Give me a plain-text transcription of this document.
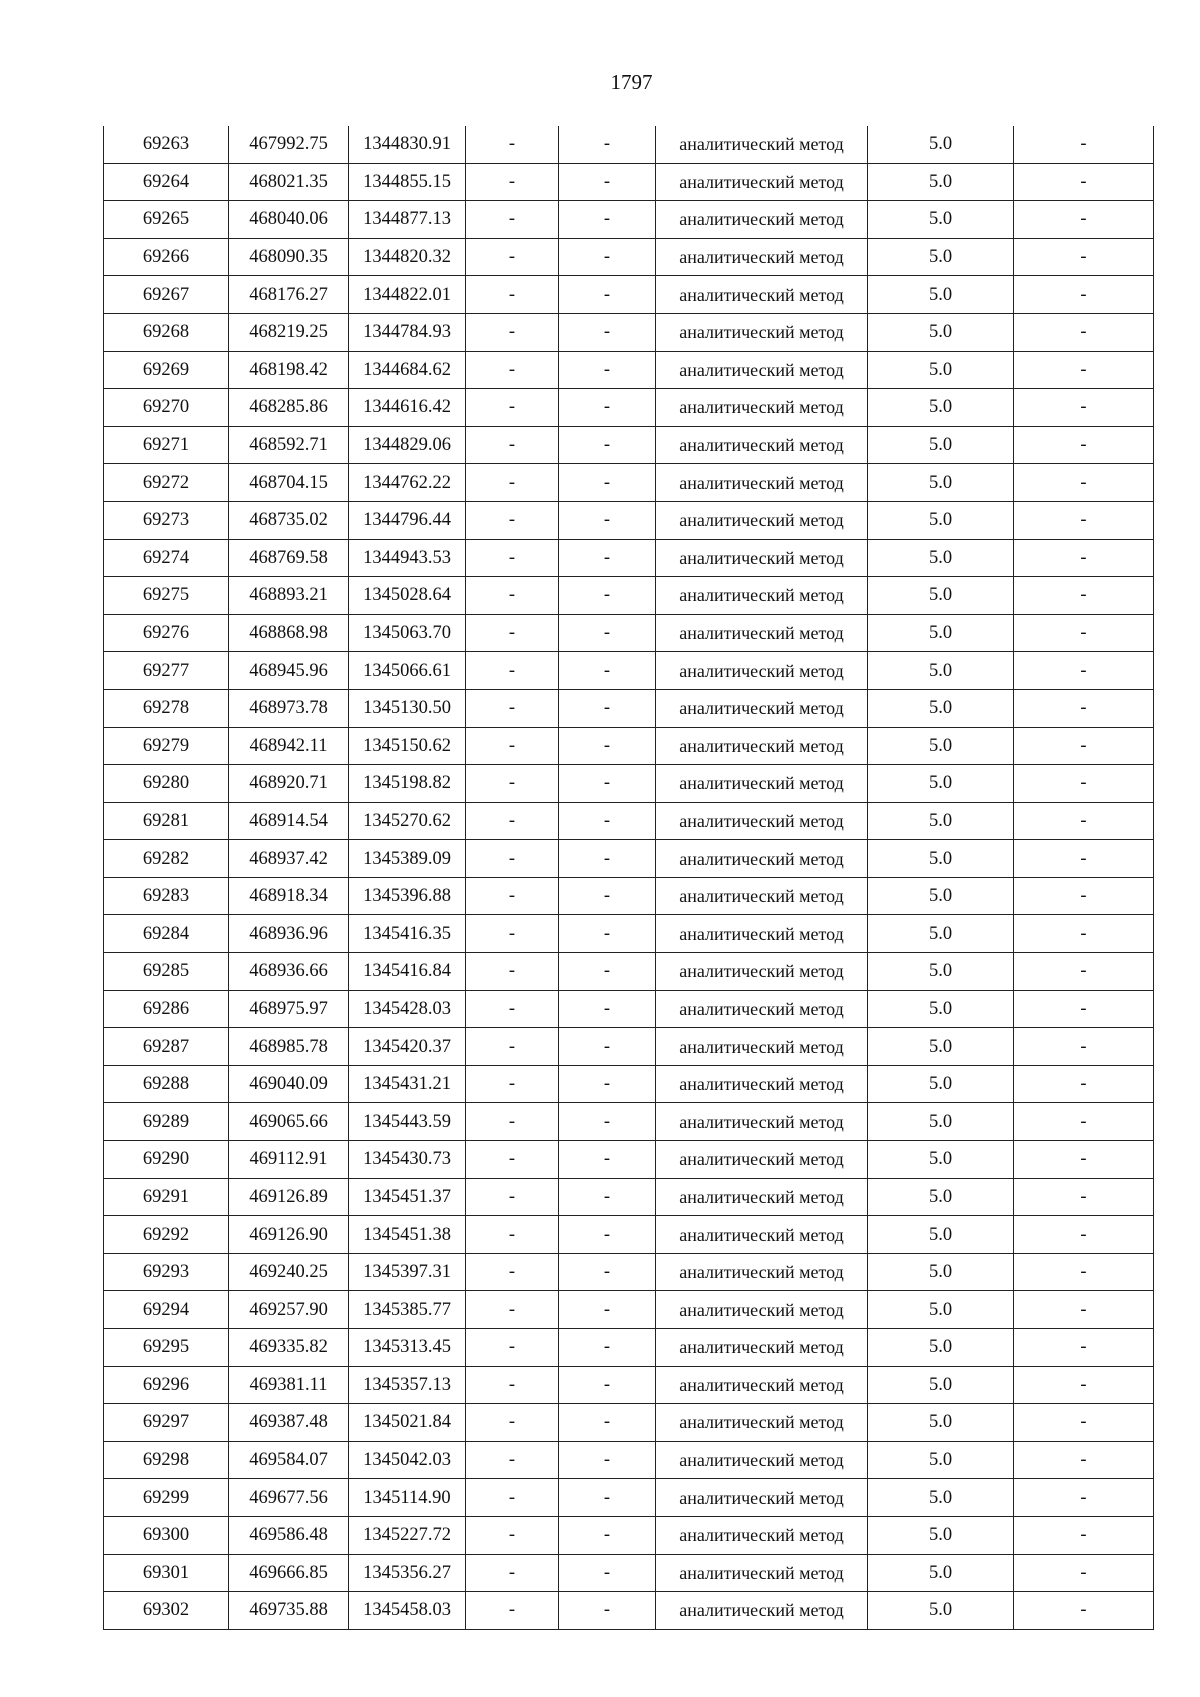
1797
69263	467992.75	1344830.91	-	-	аналитический метод	5.0	-
69264	468021.35	1344855.15	-	-	аналитический метод	5.0	-
69265	468040.06	1344877.13	-	-	аналитический метод	5.0	-
69266	468090.35	1344820.32	-	-	аналитический метод	5.0	-
69267	468176.27	1344822.01	-	-	аналитический метод	5.0	-
69268	468219.25	1344784.93	-	-	аналитический метод	5.0	-
69269	468198.42	1344684.62	-	-	аналитический метод	5.0	-
69270	468285.86	1344616.42	-	-	аналитический метод	5.0	-
69271	468592.71	1344829.06	-	-	аналитический метод	5.0	-
69272	468704.15	1344762.22	-	-	аналитический метод	5.0	-
69273	468735.02	1344796.44	-	-	аналитический метод	5.0	-
69274	468769.58	1344943.53	-	-	аналитический метод	5.0	-
69275	468893.21	1345028.64	-	-	аналитический метод	5.0	-
69276	468868.98	1345063.70	-	-	аналитический метод	5.0	-
69277	468945.96	1345066.61	-	-	аналитический метод	5.0	-
69278	468973.78	1345130.50	-	-	аналитический метод	5.0	-
69279	468942.11	1345150.62	-	-	аналитический метод	5.0	-
69280	468920.71	1345198.82	-	-	аналитический метод	5.0	-
69281	468914.54	1345270.62	-	-	аналитический метод	5.0	-
69282	468937.42	1345389.09	-	-	аналитический метод	5.0	-
69283	468918.34	1345396.88	-	-	аналитический метод	5.0	-
69284	468936.96	1345416.35	-	-	аналитический метод	5.0	-
69285	468936.66	1345416.84	-	-	аналитический метод	5.0	-
69286	468975.97	1345428.03	-	-	аналитический метод	5.0	-
69287	468985.78	1345420.37	-	-	аналитический метод	5.0	-
69288	469040.09	1345431.21	-	-	аналитический метод	5.0	-
69289	469065.66	1345443.59	-	-	аналитический метод	5.0	-
69290	469112.91	1345430.73	-	-	аналитический метод	5.0	-
69291	469126.89	1345451.37	-	-	аналитический метод	5.0	-
69292	469126.90	1345451.38	-	-	аналитический метод	5.0	-
69293	469240.25	1345397.31	-	-	аналитический метод	5.0	-
69294	469257.90	1345385.77	-	-	аналитический метод	5.0	-
69295	469335.82	1345313.45	-	-	аналитический метод	5.0	-
69296	469381.11	1345357.13	-	-	аналитический метод	5.0	-
69297	469387.48	1345021.84	-	-	аналитический метод	5.0	-
69298	469584.07	1345042.03	-	-	аналитический метод	5.0	-
69299	469677.56	1345114.90	-	-	аналитический метод	5.0	-
69300	469586.48	1345227.72	-	-	аналитический метод	5.0	-
69301	469666.85	1345356.27	-	-	аналитический метод	5.0	-
69302	469735.88	1345458.03	-	-	аналитический метод	5.0	-
